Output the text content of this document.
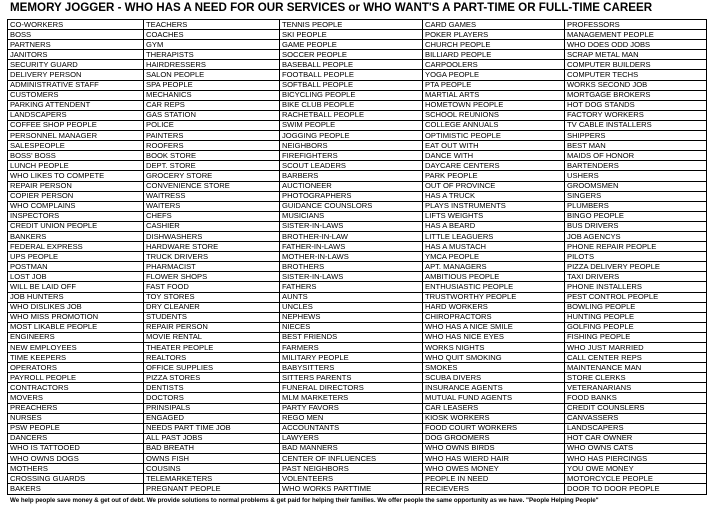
MEMORY JOGGER - WHO HAS A NEED FOR OUR SERVICES or WHO WANT'S A PART-TIME OR FULL-TIME CAREER
CO-WORKERS	TEACHERS	TENNIS PEOPLE	CARD GAMES	PROFESSORS
BOSS	COACHES	SKI PEOPLE	POKER PLAYERS	MANAGEMENT PEOPLE
PARTNERS	GYM	GAME PEOPLE	CHURCH PEOPLE	WHO DOES ODD JOBS
JANITORS	THERAPISTS	SOCCER PEOPLE	BILLIARD PEOPLE	SCRAP METAL MAN
SECURITY GUARD	HAIRDRESSERS	BASEBALL PEOPLE	CARPOOLERS	COMPUTER BUILDERS
DELIVERY PERSON	SALON PEOPLE	FOOTBALL PEOPLE	YOGA PEOPLE	COMPUTER TECHS
ADMINISTRATIVE STAFF	SPA PEOPLE	SOFTBALL PEOPLE	PTA PEOPLE	WORKS SECOND JOB
CUSTOMERS	MECHANICS	BICYCLING PEOPLE	MARTIAL ARTS	MORTGAGE BROKERS
PARKING ATTENDENT	CAR REPS	BIKE CLUB PEOPLE	HOMETOWN PEOPLE	HOT DOG STANDS
LANDSCAPERS	GAS STATION	RACHETBALL PEOPLE	SCHOOL REUNIONS	FACTORY WORKERS
COFFEE SHOP PEOPLE	POLICE	SWIM PEOPLE	COLLEGE ANNUALS	TV CABLE INSTALLERS
PERSONNEL MANAGER	PAINTERS	JOGGING PEOPLE	OPTIMISTIC PEOPLE	SHIPPERS
SALESPEOPLE	ROOFERS	NEIGHBORS	EAT OUT WITH	BEST MAN
BOSS' BOSS	BOOK STORE	FIREFIGHTERS	DANCE WITH	MAIDS OF HONOR
LUNCH PEOPLE	DEPT. STORE	SCOUT LEADERS	DAYCARE CENTERS	BARTENDERS
WHO LIKES TO COMPETE	GROCERY STORE	BARBERS	PARK PEOPLE	USHERS
REPAIR PERSON	CONVENIENCE STORE	AUCTIONEER	OUT OF PROVINCE	GROOMSMEN
COPIER PERSON	WAITRESS	PHOTOGRAPHERS	HAS A TRUCK	SINGERS
WHO COMPLAINS	WAITERS	GUIDANCE COUNSLORS	PLAYS INSTRUMENTS	PLUMBERS
INSPECTORS	CHEFS	MUSICIANS	LIFTS WEIGHTS	BINGO PEOPLE
CREDIT UNION PEOPLE	CASHIER	SISTER-IN-LAWS	HAS A BEARD	BUS DRIVERS
BANKERS	DISHWASHERS	BROTHER-IN-LAW	LITTLE LEAGUERS	JOB AGENCYS
FEDERAL EXPRESS	HARDWARE STORE	FATHER-IN-LAWS	HAS A MUSTACH	PHONE REPAIR PEOPLE
UPS PEOPLE	TRUCK DRIVERS	MOTHER-IN-LAWS	YMCA PEOPLE	PILOTS
POSTMAN	PHARMACIST	BROTHERS	APT. MANAGERS	PIZZA DELIVERY PEOPLE
LOST JOB	FLOWER SHOPS	SISTER-IN-LAWS	AMBITIOUS PEOPLE	TAXI DRIVERS
WILL BE LAID OFF	FAST FOOD	FATHERS	ENTHUSIASTIC PEOPLE	PHONE INSTALLERS
JOB HUNTERS	TOY STORES	AUNTS	TRUSTWORTHY PEOPLE	PEST CONTROL PEOPLE
WHO DISLIKES JOB	DRY CLEANER	UNCLES	HARD WORKERS	BOWLING PEOPLE
WHO MISS PROMOTION	STUDENTS	NEPHEWS	CHIROPRACTORS	HUNTING PEOPLE
MOST LIKABLE PEOPLE	REPAIR PERSON	NIECES	WHO HAS A NICE SMILE	GOLFING PEOPLE
ENGINEERS	MOVIE RENTAL	BEST FRIENDS	WHO HAS NICE EYES	FISHING PEOPLE
NEW EMPLOYEES	THEATER PEOPLE	FARMERS	WORKS NIGHTS	WHO JUST MARRIED
TIME KEEPERS	REALTORS	MILITARY PEOPLE	WHO QUIT SMOKING	CALL CENTER REPS
OPERATORS	OFFICE SUPPLIES	BABYSITTERS	SMOKES	MAINTENANCE MAN
PAYROLL PEOPLE	PIZZA STORES	SITTERS PARENTS	SCUBA DIVERS	STORE CLERKS
CONTRACTORS	DENTISTS	FUNERAL DIRECTORS	INSURANCE AGENTS	VETERANARIANS
MOVERS	DOCTORS	MLM MARKETERS	MUTUAL FUND AGENTS	FOOD BANKS
PREACHERS	PRINSIPALS	PARTY FAVORS	CAR LEASERS	CREDIT COUNSLERS
NURSES	ENGAGED	REGO MEN	KIOSK WORKERS	CANVASSERS
PSW PEOPLE	NEEDS PART TIME JOB	ACCOUNTANTS	FOOD COURT WORKERS	LANDSCAPERS
DANCERS	ALL PAST JOBS	LAWYERS	DOG GROOMERS	HOT CAR OWNER
WHO IS TATTOOED	BAD BREATH	BAD MANNERS	WHO OWNS BIRDS	WHO OWNS CATS
WHO OWNS DOGS	OWNS FISH	CENTER OF INFLUENCES	WHO HAS WIERD HAIR	WHO HAS PIERCINGS
MOTHERS	COUSINS	PAST NEIGHBORS	WHO OWES MONEY	YOU OWE MONEY
CROSSING GUARDS	TELEMARKETERS	VOLENTEERS	PEOPLE IN NEED	MOTORCYCLE PEOPLE
BAKERS	PREGNANT PEOPLE	WHO WORKS PARTTIME	RECIEVERS	DOOR TO DOOR PEOPLE
We help people save money & get out of debt. We provide solutions to normal problems & get paid for helping their families. We offer people the same opportunity as we have. "People Helping People"
